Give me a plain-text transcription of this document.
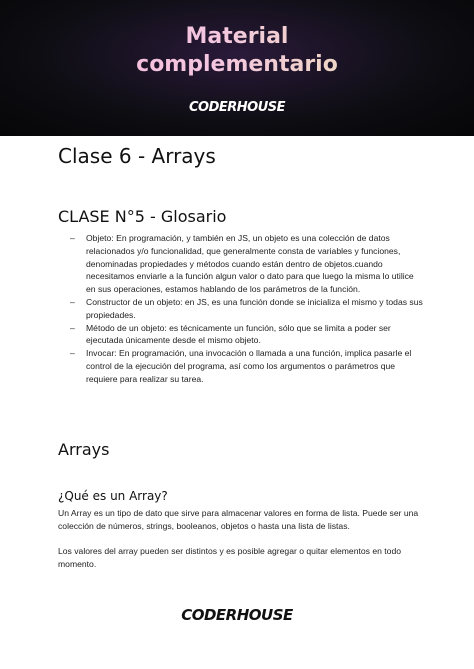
Material
complementario
CODERHOUSE
Clase 6 - Arrays
CLASE N°5 - Glosario
– Objeto: En programación, y también en JS, un objeto es una colección de datos relacionados y/o funcionalidad, que generalmente consta de variables y funciones, denominadas propiedades y métodos cuando están dentro de objetos.cuando necesitamos enviarle a la función algun valor o dato para que luego la misma lo utilice en sus operaciones, estamos hablando de los parámetros de la función.
– Constructor de un objeto: en JS, es una función donde se inicializa el mismo y todas sus propiedades.
– Método de un objeto: es técnicamente un función, sólo que se limita a poder ser ejecutada únicamente desde el mismo objeto.
– Invocar: En programación, una invocación o llamada a una función, implica pasarle el control de la ejecución del programa, así como los argumentos o parámetros que requiere para realizar su tarea.
Arrays
¿Qué es un Array?

Un Array es un tipo de dato que sirve para almacenar valores en forma de lista. Puede ser una colección de números, strings, booleanos, objetos o hasta una lista de listas.

Los valores del array pueden ser distintos y es posible agregar o quitar elementos en todo momento.

CODERHOUSE
